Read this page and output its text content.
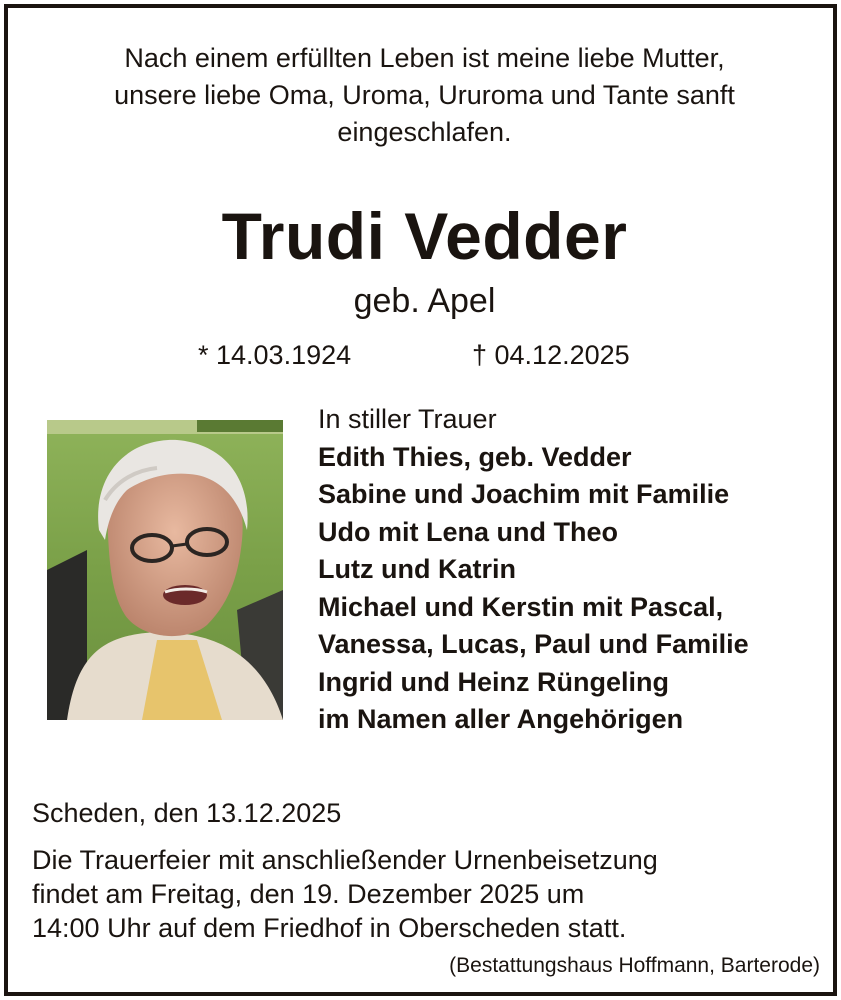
Nach einem erfüllten Leben ist meine liebe Mutter,
unsere liebe Oma, Uroma, Ururoma und Tante sanft
eingeschlafen.
Trudi Vedder
geb. Apel
* 14.03.1924	† 04.12.2025
In stiller Trauer
Edith Thies, geb. Vedder
Sabine und Joachim mit Familie
Udo mit Lena und Theo
Lutz und Katrin
Michael und Kerstin mit Pascal,
Vanessa, Lucas, Paul und Familie
Ingrid und Heinz Rüngeling
im Namen aller Angehörigen
Scheden, den 13.12.2025
Die Trauerfeier mit anschließender Urnenbeisetzung
findet am Freitag, den 19. Dezember 2025 um
14:00 Uhr auf dem Friedhof in Oberscheden statt.
(Bestattungshaus Hoffmann, Barterode)
